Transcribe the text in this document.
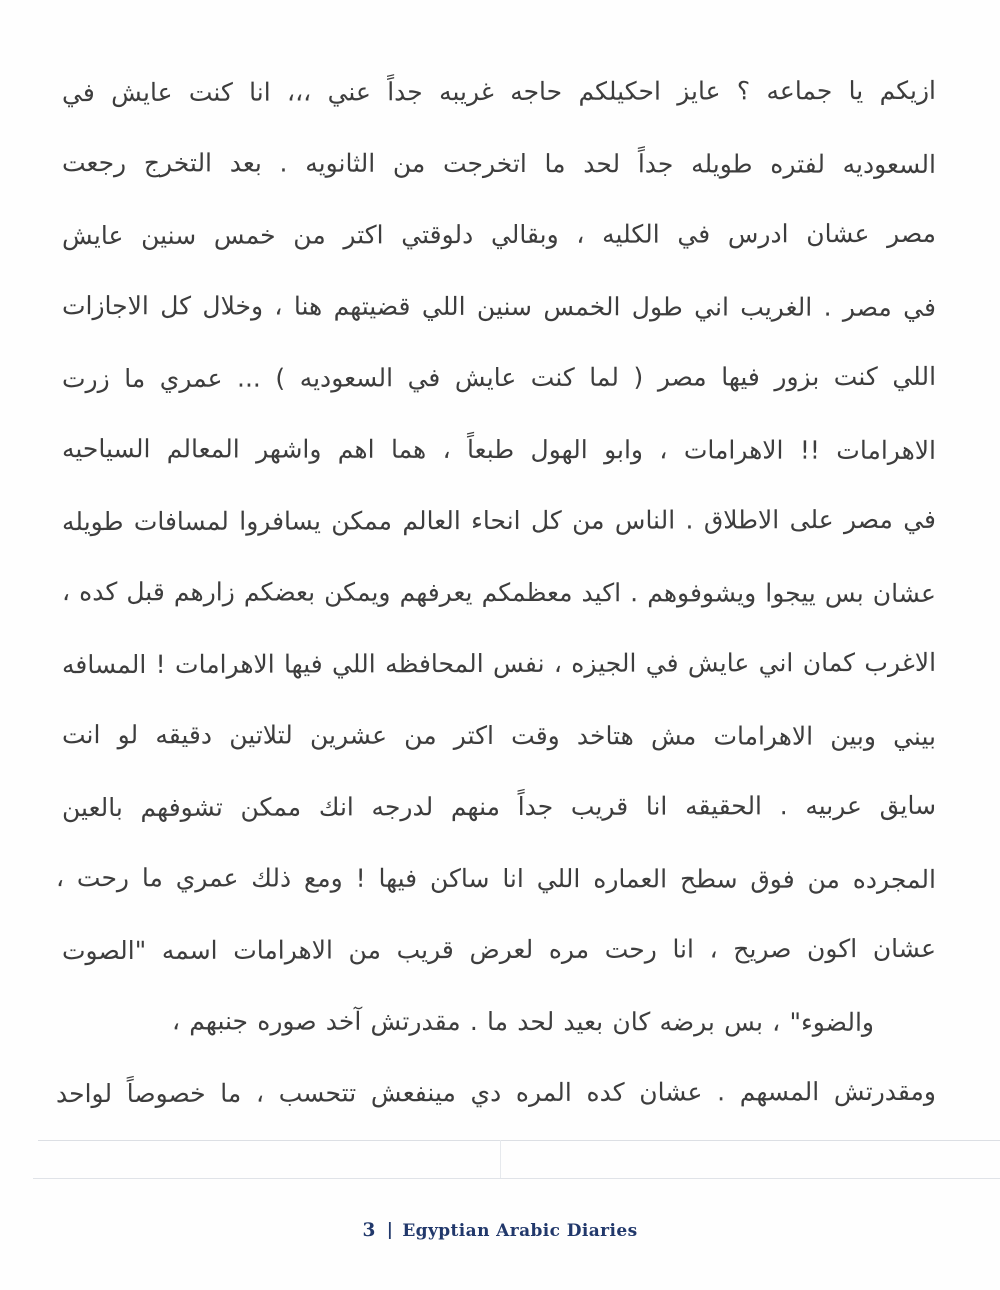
ازيكم يا جماعه ؟ عايز احكيلكم حاجه غريبه جداً عني ،،، انا كنت عايش في
السعوديه لفتره طويله جداً لحد ما اتخرجت من الثانويه . بعد التخرج رجعت
مصر عشان ادرس في الكليه ، وبقالي دلوقتي اكتر من خمس سنين عايش
في مصر . الغريب اني طول الخمس سنين اللي قضيتهم هنا ، وخلال كل الاجازات
اللي كنت بزور فيها مصر ( لما كنت عايش في السعوديه ) ... عمري ما زرت
الاهرامات !! الاهرامات ، وابو الهول طبعاً ، هما اهم واشهر المعالم السياحيه
في مصر على الاطلاق . الناس من كل انحاء العالم ممكن يسافروا لمسافات طويله
عشان بس ييجوا ويشوفوهم . اكيد معظمكم يعرفهم ويمكن بعضكم زارهم قبل كده ،
الاغرب كمان اني عايش في الجيزه ، نفس المحافظه اللي فيها الاهرامات ! المسافه
بيني وبين الاهرامات مش هتاخد وقت اكتر من عشرين لتلاتين دقيقه لو انت
سايق عربيه . الحقيقه انا قريب جداً منهم لدرجه انك ممكن تشوفهم بالعين
المجرده من فوق سطح العماره اللي انا ساكن فيها ! ومع ذلك عمري ما رحت ،
عشان اكون صريح ، انا رحت مره لعرض قريب من الاهرامات اسمه "الصوت
والضوء" ، بس برضه كان بعيد لحد ما . مقدرتش آخد صوره جنبهم ،
ومقدرتش المسهم . عشان كده المره دي مينفعش تتحسب ، ما خصوصاً لواحد
3 | Egyptian Arabic Diaries
